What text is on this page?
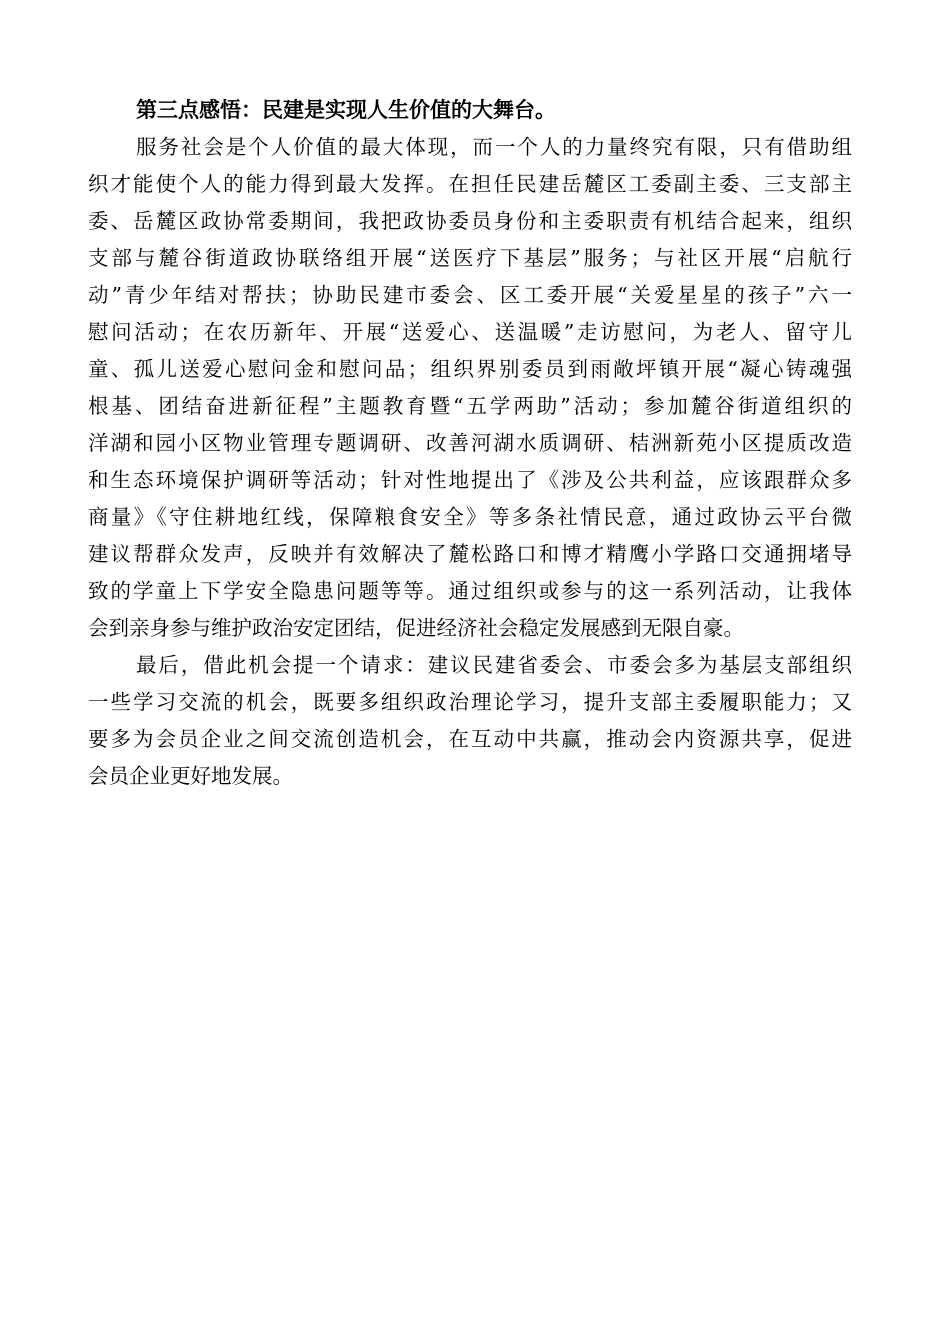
第三点感悟：民建是实现人生价值的大舞台。

服务社会是个人价值的最大体现，而一个人的力量终究有限，只有借助组
织才能使个人的能力得到最大发挥。在担任民建岳麓区工委副主委、三支部主
委、岳麓区政协常委期间，我把政协委员身份和主委职责有机结合起来，组织
支部与麓谷街道政协联络组开展“送医疗下基层”服务；与社区开展“启航行
动”青少年结对帮扶；协助民建市委会、区工委开展“关爱星星的孩子”六一
慰问活动；在农历新年、开展“送爱心、送温暖”走访慰问，为老人、留守儿
童、孤儿送爱心慰问金和慰问品；组织界别委员到雨敞坪镇开展“凝心铸魂强
根基、团结奋进新征程”主题教育暨“五学两助”活动；参加麓谷街道组织的
洋湖和园小区物业管理专题调研、改善河湖水质调研、桔洲新苑小区提质改造
和生态环境保护调研等活动；针对性地提出了《涉及公共利益，应该跟群众多
商量》《守住耕地红线，保障粮食安全》等多条社情民意，通过政协云平台微
建议帮群众发声，反映并有效解决了麓松路口和博才精鹰小学路口交通拥堵导
致的学童上下学安全隐患问题等等。通过组织或参与的这一系列活动，让我体
会到亲身参与维护政治安定团结，促进经济社会稳定发展感到无限自豪。
最后，借此机会提一个请求：建议民建省委会、市委会多为基层支部组织
一些学习交流的机会，既要多组织政治理论学习，提升支部主委履职能力；又
要多为会员企业之间交流创造机会，在互动中共赢，推动会内资源共享，促进
会员企业更好地发展。
